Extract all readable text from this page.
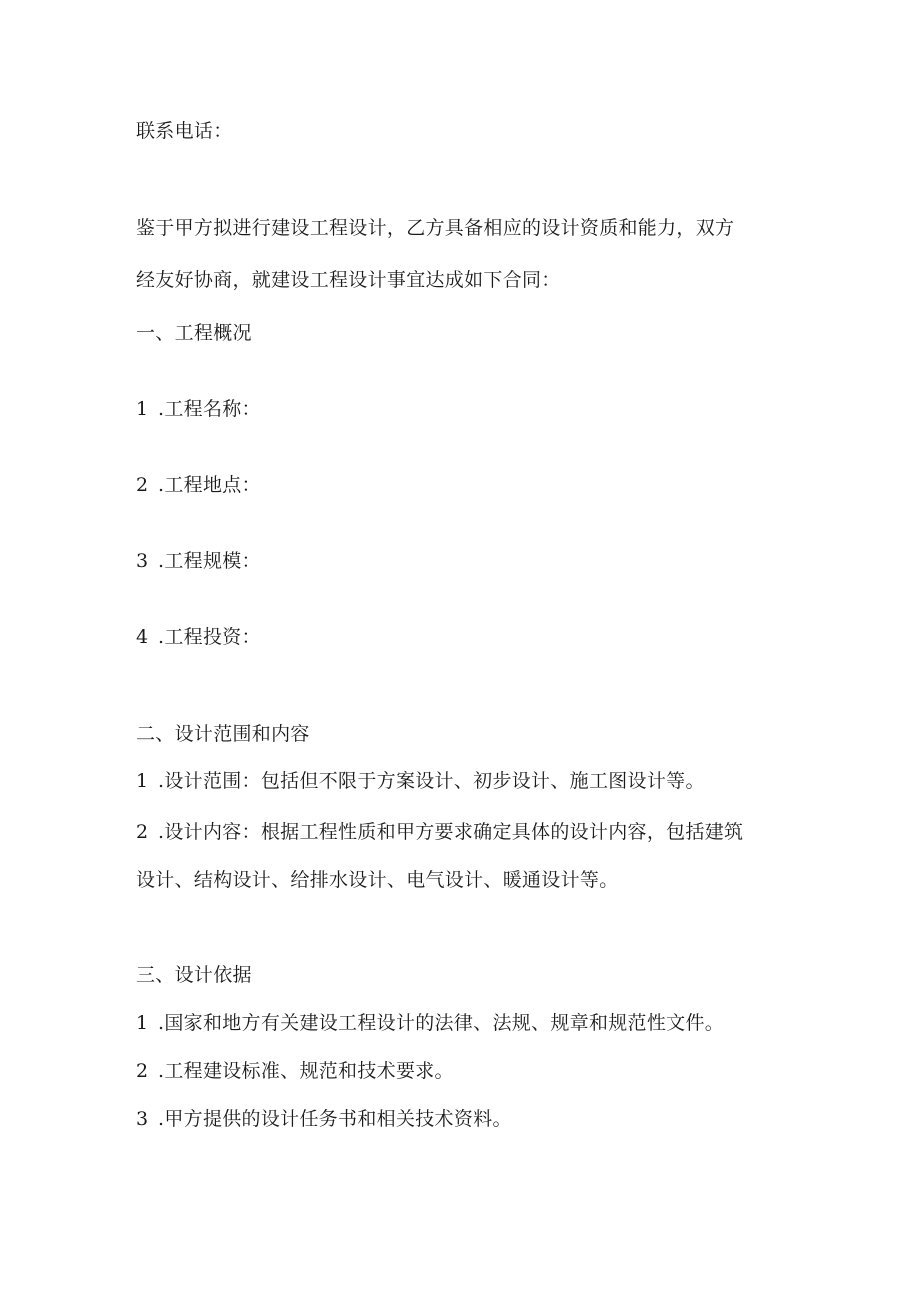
联系电话：
鉴于甲方拟进行建设工程设计，乙方具备相应的设计资质和能力，双方
经友好协商，就建设工程设计事宜达成如下合同：
一、工程概况
1 .工程名称：
2 .工程地点：
3 .工程规模：
4 .工程投资：
二、设计范围和内容
1 .设计范围：包括但不限于方案设计、初步设计、施工图设计等。
2 .设计内容：根据工程性质和甲方要求确定具体的设计内容，包括建筑
设计、结构设计、给排水设计、电气设计、暖通设计等。
三、设计依据
1 .国家和地方有关建设工程设计的法律、法规、规章和规范性文件。
2 .工程建设标准、规范和技术要求。
3 .甲方提供的设计任务书和相关技术资料。
